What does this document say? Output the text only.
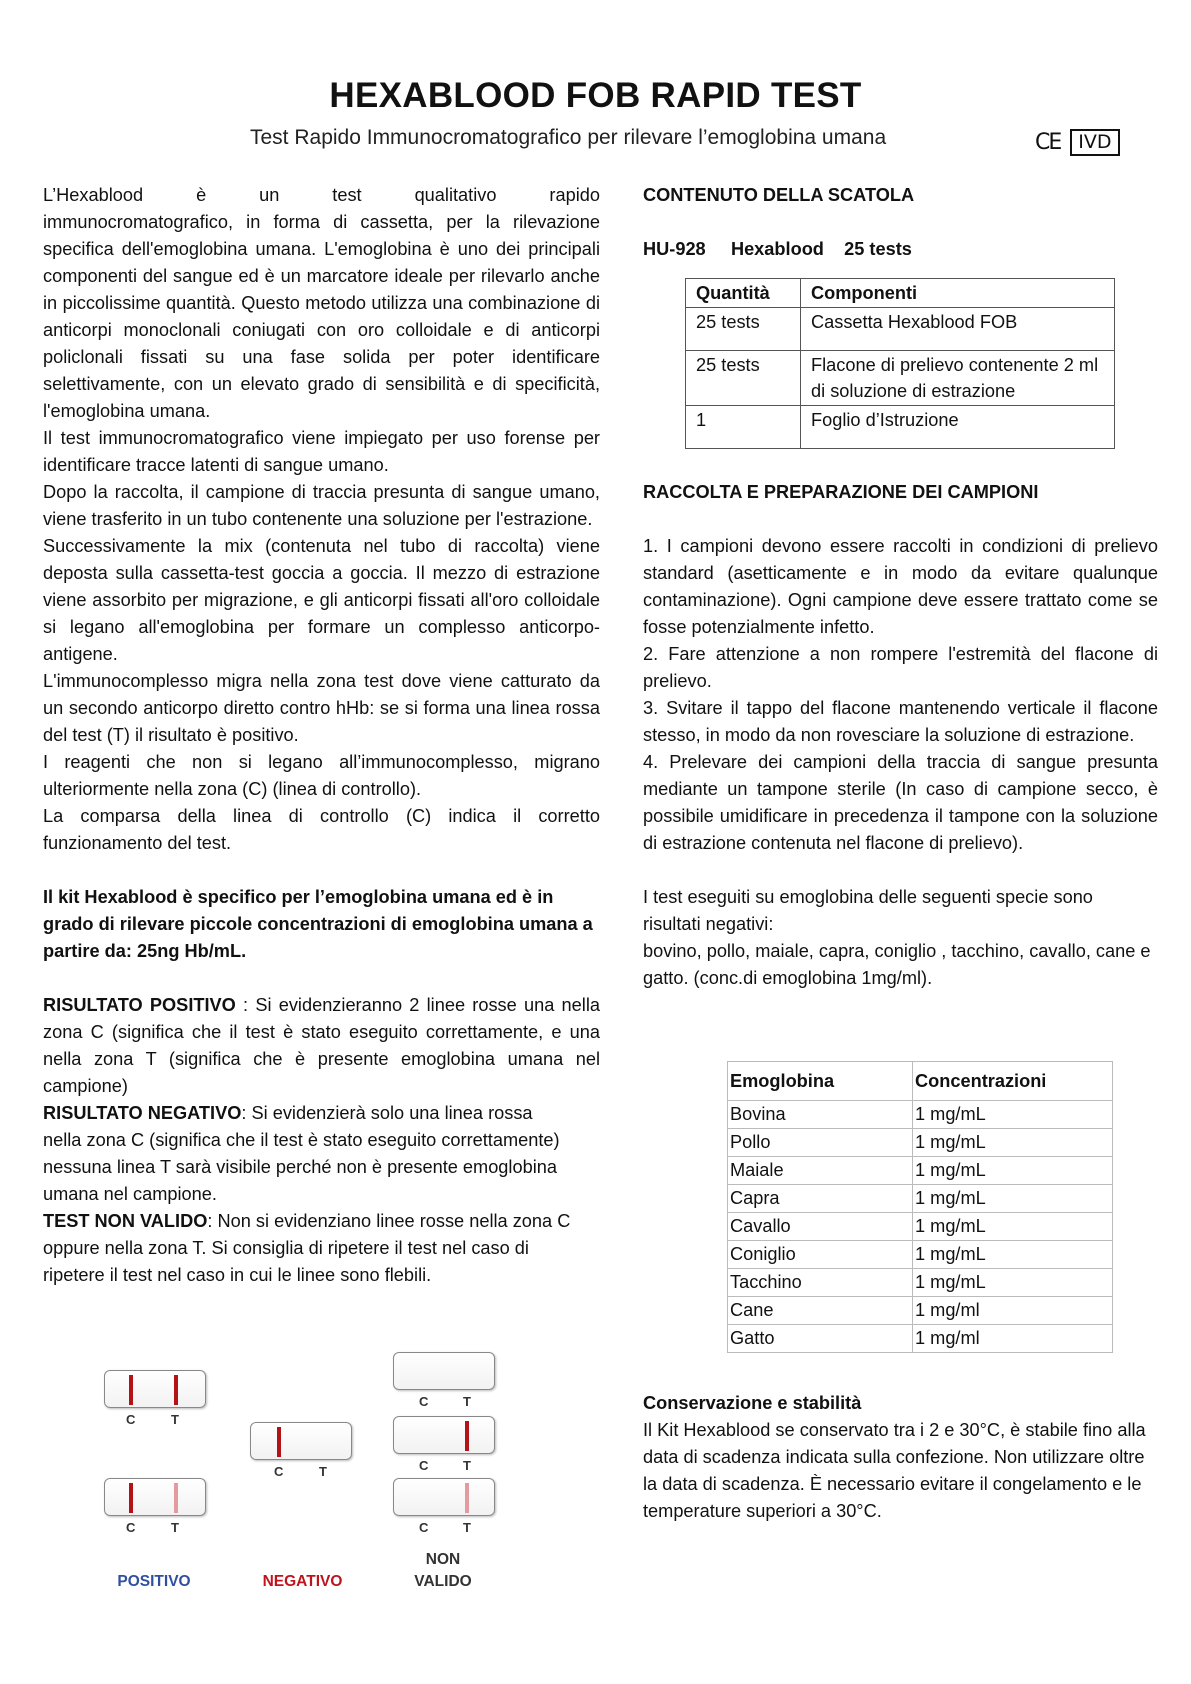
HEXABLOOD FOB RAPID TEST
Test Rapido Immunocromatografico per rilevare l’emoglobina umana	CE IVD

L’Hexablood	è	un	test	qualitativo	rapido

immunocromatografico, in forma di cassetta, per la rilevazione specifica dell'emoglobina umana. L'emoglobina è uno dei principali componenti del sangue ed è un marcatore ideale per rilevarlo anche in piccolissime quantità. Questo metodo utilizza una combinazione di anticorpi monoclonali coniugati con oro colloidale e di anticorpi policlonali fissati su una fase solida per poter identificare selettivamente, con un elevato grado di sensibilità e di specificità, l'emoglobina umana.

Il test immunocromatografico viene impiegato per uso forense per identificare tracce latenti di sangue umano.

Dopo la raccolta, il campione di traccia presunta di sangue umano, viene trasferito in un tubo contenente una soluzione per l'estrazione.

Successivamente la mix (contenuta nel tubo di raccolta) viene deposta sulla cassetta-test goccia a goccia. Il mezzo di estrazione viene assorbito per migrazione, e gli anticorpi fissati all'oro colloidale si legano all'emoglobina per formare un complesso anticorpo-antigene.

L'immunocomplesso migra nella zona test dove viene catturato da un secondo anticorpo diretto contro hHb: se si forma una linea rossa del test (T) il risultato è positivo.

I reagenti che non si legano all’immunocomplesso, migrano ulteriormente nella zona (C) (linea di controllo).

La comparsa della linea di controllo (C) indica il corretto funzionamento del test.

Il kit Hexablood è specifico per l’emoglobina umana ed è in grado di rilevare piccole concentrazioni di emoglobina umana a partire da: 25ng Hb/mL.

RISULTATO POSITIVO : Si evidenzieranno 2 linee rosse una nella zona C (significa che il test è stato eseguito correttamente, e una nella zona T (significa che è presente emoglobina umana nel campione)

RISULTATO NEGATIVO: Si evidenzierà solo una linea rossa nella zona C (significa che il test è stato eseguito correttamente) nessuna linea T sarà visibile perché non è presente emoglobina umana nel campione.

TEST NON VALIDO: Non si evidenziano linee rosse nella zona C oppure nella zona T. Si consiglia di ripetere il test nel caso di ripetere il test nel caso in cui le linee sono flebili.

C	T
C	T
POSITIVO
C	T
NEGATIVO
C	T
C	T
C	T
NON
VALIDO

CONTENUTO DELLA SCATOLA

HU-928 Hexablood 25 tests

Quantità	Componenti
25 tests	Cassetta Hexablood FOB
25 tests	Flacone di prelievo contenente 2 ml di soluzione di estrazione
1	Foglio d’Istruzione

RACCOLTA E PREPARAZIONE DEI CAMPIONI

1. I campioni devono essere raccolti in condizioni di prelievo standard (asetticamente e in modo da evitare qualunque contaminazione). Ogni campione deve essere trattato come se fosse potenzialmente infetto.

2. Fare attenzione a non rompere l'estremità del flacone di prelievo.

3. Svitare il tappo del flacone mantenendo verticale il flacone stesso, in modo da non rovesciare la soluzione di estrazione.

4. Prelevare dei campioni della traccia di sangue presunta mediante un tampone sterile (In caso di campione secco, è possibile umidificare in precedenza il tampone con la soluzione di estrazione contenuta nel flacone di prelievo).

I test eseguiti su emoglobina delle seguenti specie sono risultati negativi:

bovino, pollo, maiale, capra, coniglio , tacchino, cavallo, cane e gatto. (conc.di emoglobina 1mg/ml).

Emoglobina	Concentrazioni
Bovina	1 mg/mL
Pollo	1 mg/mL
Maiale	1 mg/mL
Capra	1 mg/mL
Cavallo	1 mg/mL
Coniglio	1 mg/mL
Tacchino	1 mg/mL
Cane	1 mg/ml
Gatto	1 mg/ml

Conservazione e stabilità

Il Kit Hexablood se conservato tra i 2 e 30°C, è stabile fino alla data di scadenza indicata sulla confezione. Non utilizzare oltre la data di scadenza. È necessario evitare il congelamento e le temperature superiori a 30°C.
